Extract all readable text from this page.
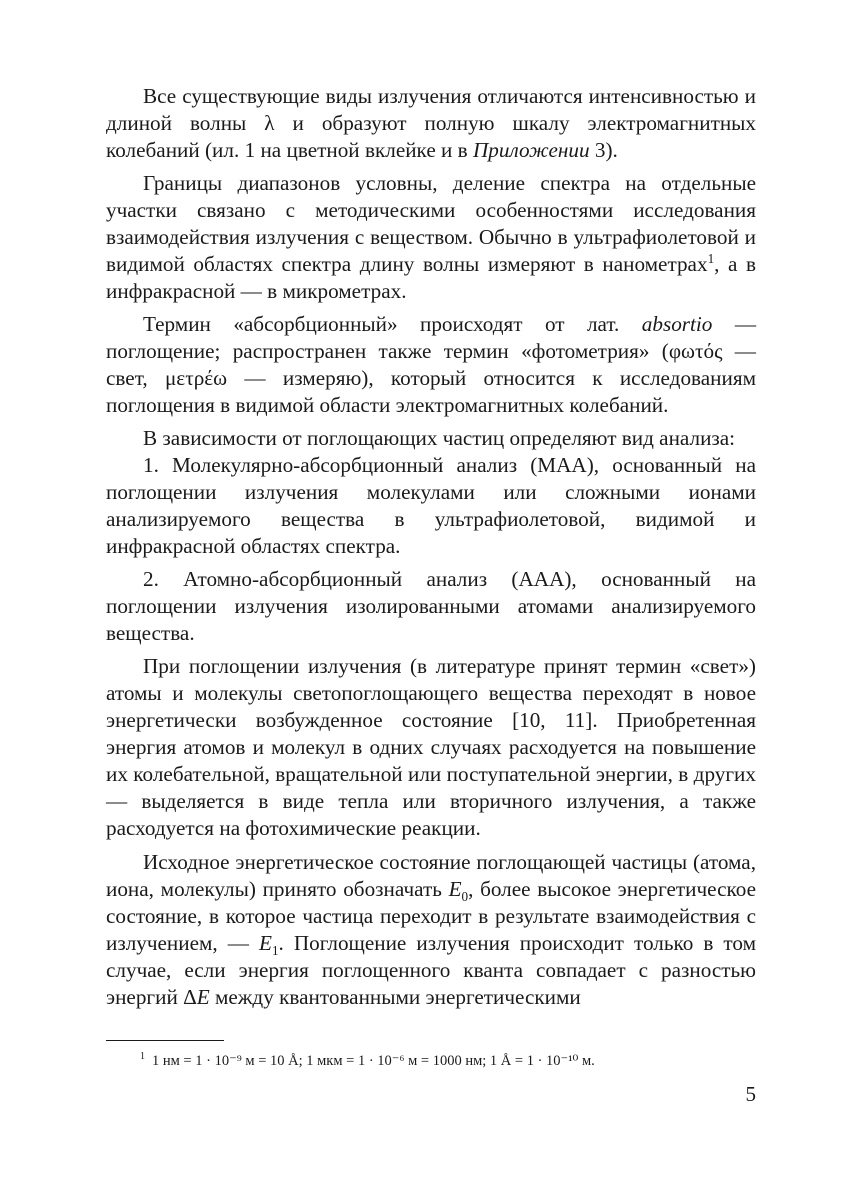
Все существующие виды излучения отличаются интенсивностью и длиной волны λ и образуют полную шкалу электромагнитных колебаний (ил. 1 на цветной вклейке и в Приложении 3).

Границы диапазонов условны, деление спектра на отдельные участки связано с методическими особенностями исследования взаимодействия излучения с веществом. Обычно в ультрафиолетовой и видимой областях спектра длину волны измеряют в нанометрах$^1$, а в инфракрасной — в микрометрах.

Термин «абсорбционный» происходят от лат. absortio — поглощение; распространен также термин «фотометрия» (φωτός — свет, μετρέω — измеряю), который относится к исследованиям поглощения в видимой области электромагнитных колебаний.

В зависимости от поглощающих частиц определяют вид анализа:

1. Молекулярно-абсорбционный анализ (МАА), основанный на поглощении излучения молекулами или сложными ионами анализируемого вещества в ультрафиолетовой, видимой и инфракрасной областях спектра.

2. Атомно-абсорбционный анализ (ААА), основанный на поглощении излучения изолированными атомами анализируемого вещества.

При поглощении излучения (в литературе принят термин «свет») атомы и молекулы светопоглощающего вещества переходят в новое энергетически возбужденное состояние [10, 11]. Приобретенная энергия атомов и молекул в одних случаях расходуется на повышение их колебательной, вращательной или поступательной энергии, в других — выделяется в виде тепла или вторичного излучения, а также расходуется на фотохимические реакции.

Исходное энергетическое состояние поглощающей частицы (атома, иона, молекулы) принято обозначать $E_0$, более высокое энергетическое состояние, в которое частица переходит в результате взаимодействия с излучением, — $E_1$. Поглощение излучения происходит только в том случае, если энергия поглощенного кванта совпадает с разностью энергий ΔE между квантованными энергетическими

$^1$ 1 нм = 1 · 10⁻⁹ м = 10 Å; 1 мкм = 1 · 10⁻⁶ м = 1000 нм; 1 Å = 1 · 10⁻¹⁰ м.
5
